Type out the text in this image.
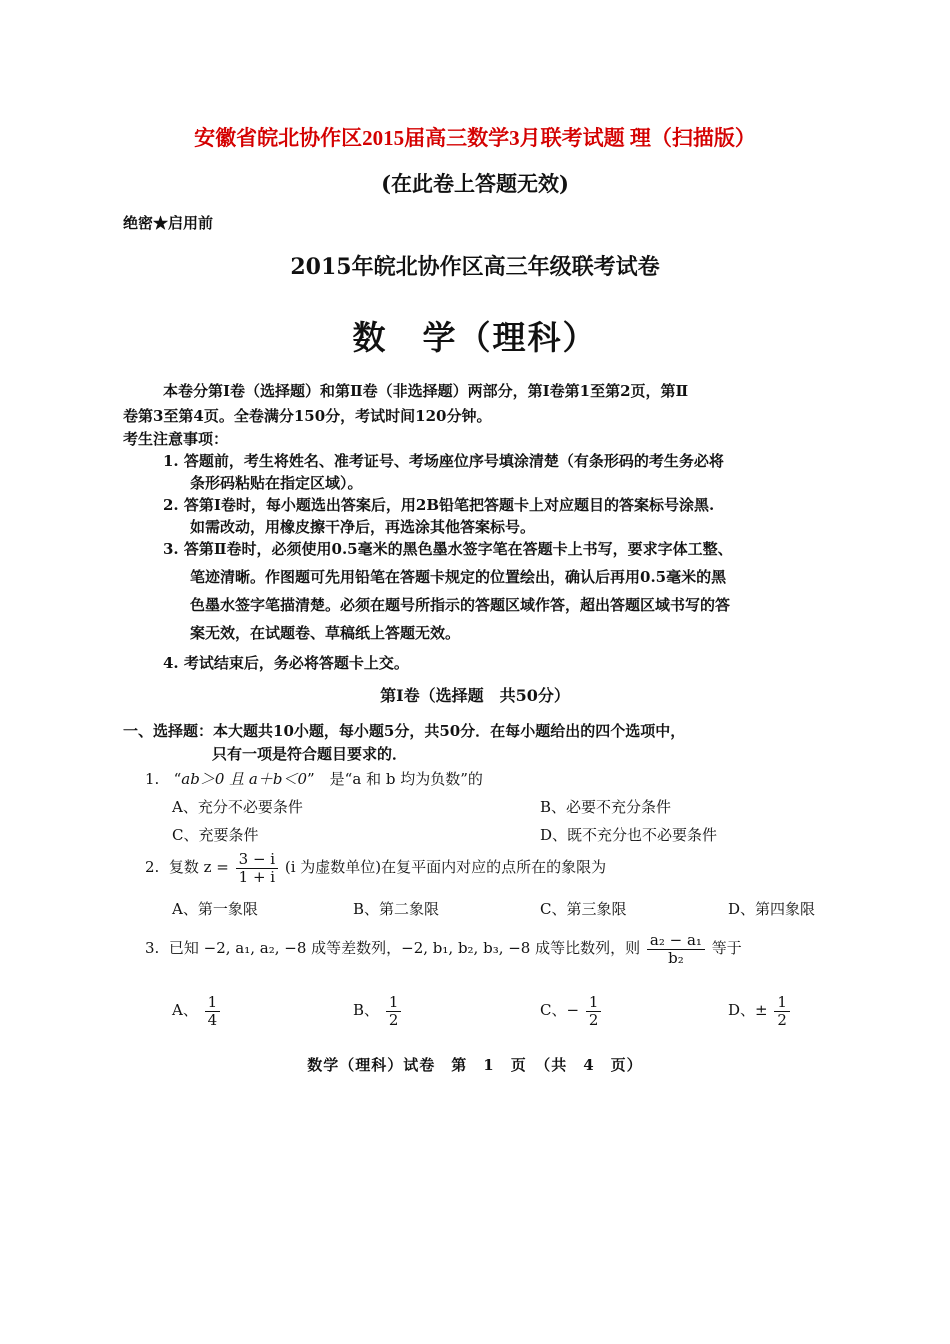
安徽省皖北协作区2015届高三数学3月联考试题 理（扫描版）
(在此卷上答题无效)
绝密★启用前
2015年皖北协作区高三年级联考试卷
数　学（理科）
本卷分第Ⅰ卷（选择题）和第Ⅱ卷（非选择题）两部分，第Ⅰ卷第1至第2页，第Ⅱ
卷第3至第4页。全卷满分150分，考试时间120分钟。
考生注意事项：
1. 答题前，考生将姓名、准考证号、考场座位序号填涂清楚（有条形码的考生务必将
条形码粘贴在指定区域）。
2. 答第Ⅰ卷时，每小题选出答案后，用2B铅笔把答题卡上对应题目的答案标号涂黑.
如需改动，用橡皮擦干净后，再选涂其他答案标号。
3. 答第Ⅱ卷时，必须使用0.5毫米的黑色墨水签字笔在答题卡上书写，要求字体工整、
笔迹清晰。作图题可先用铅笔在答题卡规定的位置绘出，确认后再用0.5毫米的黑
色墨水签字笔描清楚。必须在题号所指示的答题区域作答，超出答题区域书写的答
案无效，在试题卷、草稿纸上答题无效。
4. 考试结束后，务必将答题卡上交。
第Ⅰ卷（选择题　共50分）
一、选择题：本大题共10小题，每小题5分，共50分．在每小题给出的四个选项中，
只有一项是符合题目要求的．
1. “ab＞0 且 a＋b＜0”　是“a 和 b 均为负数”的
A、充分不必要条件	B、必要不充分条件
C、充要条件	D、既不充分也不必要条件
2. 复数 $z = \frac{3 - i}{1 + i} (i$ 为虚数单位)在复平面内对应的点所在的象限为
A、第一象限	B、第二象限	C、第三象限	D、第四象限
3. 已知 −2, a₁, a₂, −8 成等差数列，−2, b₁, b₂, b₃, −8 成等比数列，则 $\frac{\text{a₂ − a₁}}{\text{b₂}}$ 等于
A、 $\frac{1}{4}$	B、 $\frac{1}{2}$	C、− $\frac{1}{2}$	D、± $\frac{1}{2}$
数学（理科）试卷　第　1　页　（共　4　页）
